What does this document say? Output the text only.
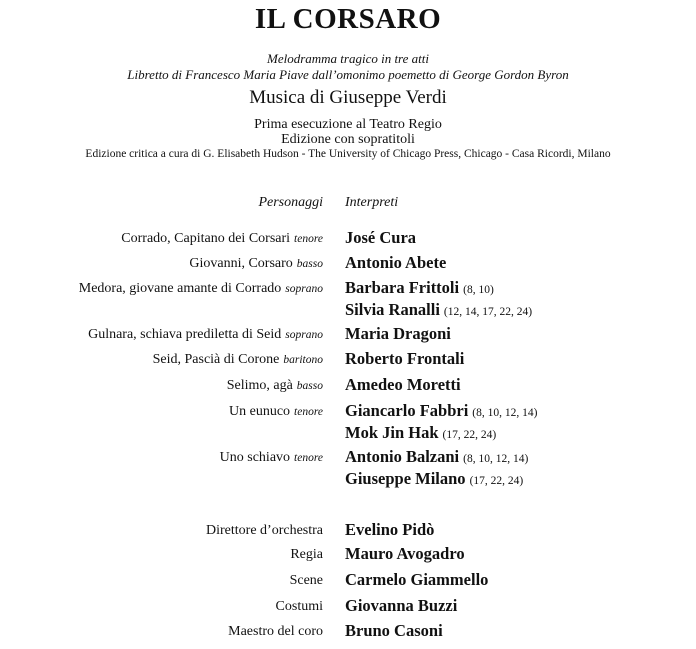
IL CORSARO
Melodramma tragico in tre atti
Libretto di Francesco Maria Piave dall’omonimo poemetto di George Gordon Byron
Musica di Giuseppe Verdi
Prima esecuzione al Teatro Regio
Edizione con sopratitoli
Edizione critica a cura di G. Elisabeth Hudson - The University of Chicago Press, Chicago - Casa Ricordi, Milano
Personaggi Interpreti
Corrado, Capitano dei Corsari tenore José Cura
Giovanni, Corsaro basso Antonio Abete
Medora, giovane amante di Corrado soprano Barbara Frittoli (8, 10)
Silvia Ranalli (12, 14, 17, 22, 24)
Gulnara, schiava prediletta di Seid soprano Maria Dragoni
Seid, Pascià di Corone baritono Roberto Frontali
Selimo, agà basso Amedeo Moretti
Un eunuco tenore Giancarlo Fabbri (8, 10, 12, 14)
Mok Jin Hak (17, 22, 24)
Uno schiavo tenore Antonio Balzani (8, 10, 12, 14)
Giuseppe Milano (17, 22, 24)
Direttore d’orchestra Evelino Pidò
Regia Mauro Avogadro
Scene Carmelo Giammello
Costumi Giovanna Buzzi
Maestro del coro Bruno Casoni
